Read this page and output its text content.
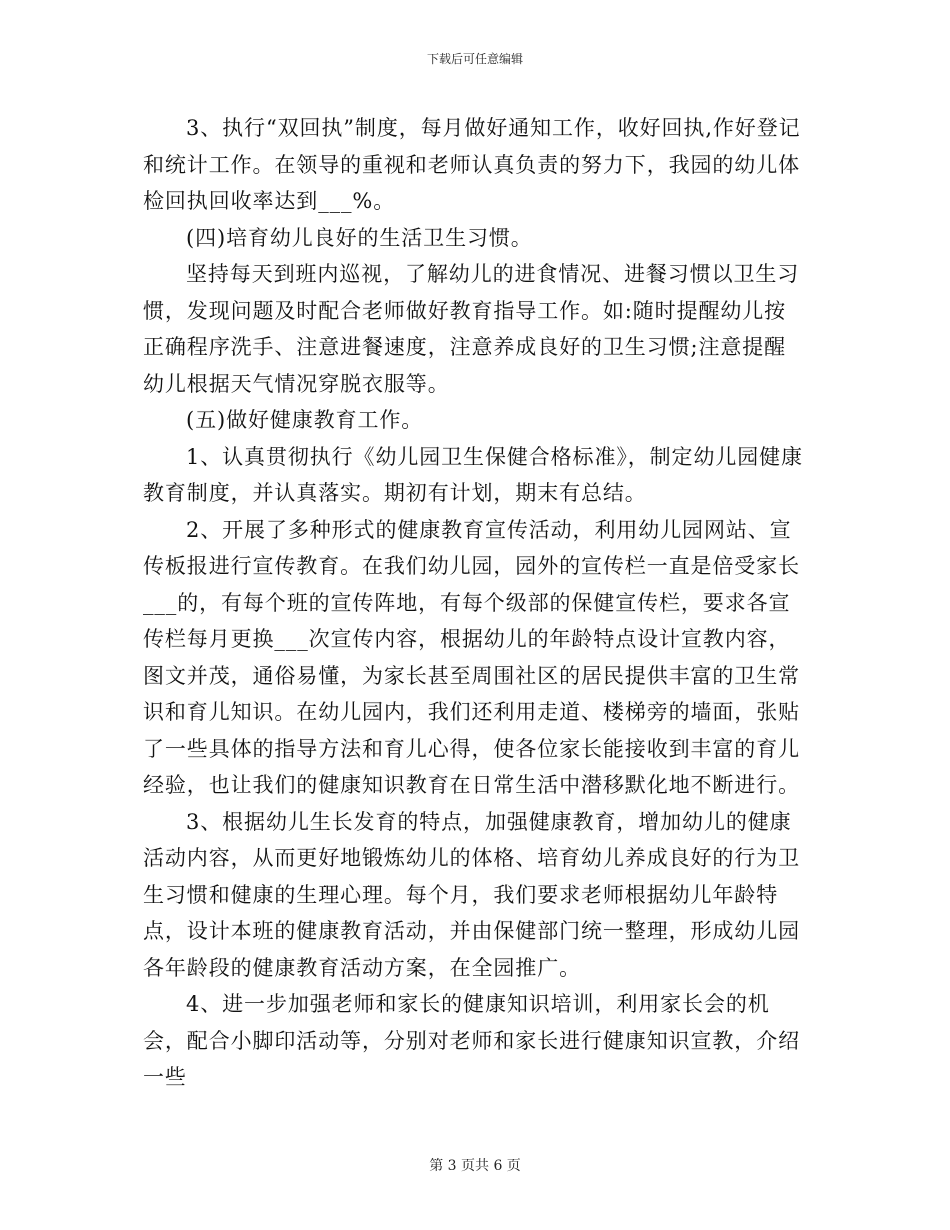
下载后可任意编辑

3、执行“双回执”制度，每月做好通知工作，收好回执,作好登记和统计工作。在领导的重视和老师认真负责的努力下，我园的幼儿体检回执回收率达到___%。

(四)培育幼儿良好的生活卫生习惯。

坚持每天到班内巡视，了解幼儿的进食情况、进餐习惯以卫生习惯，发现问题及时配合老师做好教育指导工作。如:随时提醒幼儿按正确程序洗手、注意进餐速度，注意养成良好的卫生习惯;注意提醒幼儿根据天气情况穿脱衣服等。

(五)做好健康教育工作。

1、认真贯彻执行《幼儿园卫生保健合格标准》，制定幼儿园健康教育制度，并认真落实。期初有计划，期末有总结。

2、开展了多种形式的健康教育宣传活动，利用幼儿园网站、宣传板报进行宣传教育。在我们幼儿园，园外的宣传栏一直是倍受家长___的，有每个班的宣传阵地，有每个级部的保健宣传栏，要求各宣传栏每月更换___次宣传内容，根据幼儿的年龄特点设计宣教内容，图文并茂，通俗易懂，为家长甚至周围社区的居民提供丰富的卫生常识和育儿知识。在幼儿园内，我们还利用走道、楼梯旁的墙面，张贴了一些具体的指导方法和育儿心得，使各位家长能接收到丰富的育儿经验，也让我们的健康知识教育在日常生活中潜移默化地不断进行。

3、根据幼儿生长发育的特点，加强健康教育，增加幼儿的健康活动内容，从而更好地锻炼幼儿的体格、培育幼儿养成良好的行为卫生习惯和健康的生理心理。每个月，我们要求老师根据幼儿年龄特点，设计本班的健康教育活动，并由保健部门统一整理，形成幼儿园各年龄段的健康教育活动方案，在全园推广。

4、进一步加强老师和家长的健康知识培训，利用家长会的机会，配合小脚印活动等，分别对老师和家长进行健康知识宣教，介绍一些

第 3 页共 6 页
